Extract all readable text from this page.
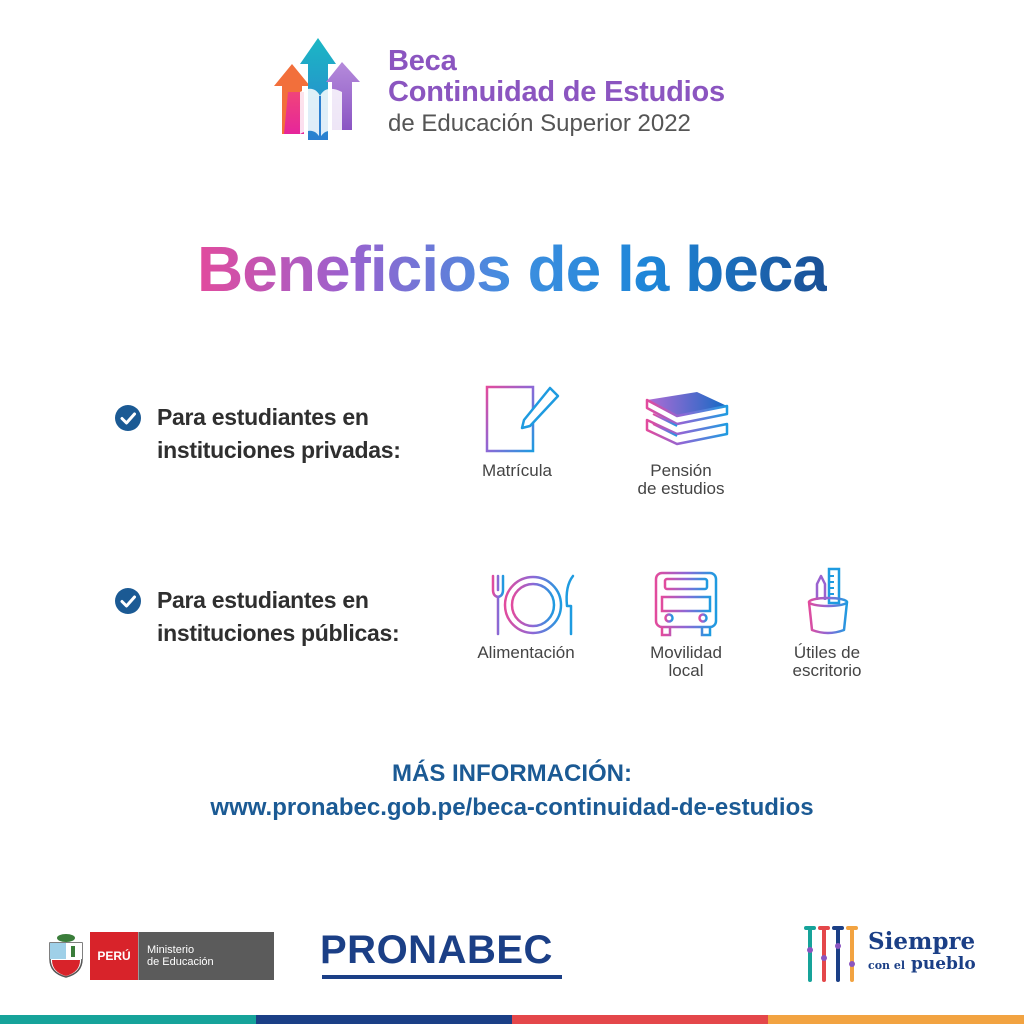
Beca
Continuidad de Estudios
de Educación Superior 2022
Beneficios de la beca
Para estudiantes en
instituciones privadas:
Matrícula	Pensión
de estudios
Para estudiantes en
instituciones públicas:
Alimentación	Movilidad
local
Útiles de
escritorio
MÁS INFORMACIÓN:
www.pronabec.gob.pe/beca-continuidad-de-estudios
PERÚ	Ministerio
de Educación	PRONABEC	Siempre
con el pueblo
